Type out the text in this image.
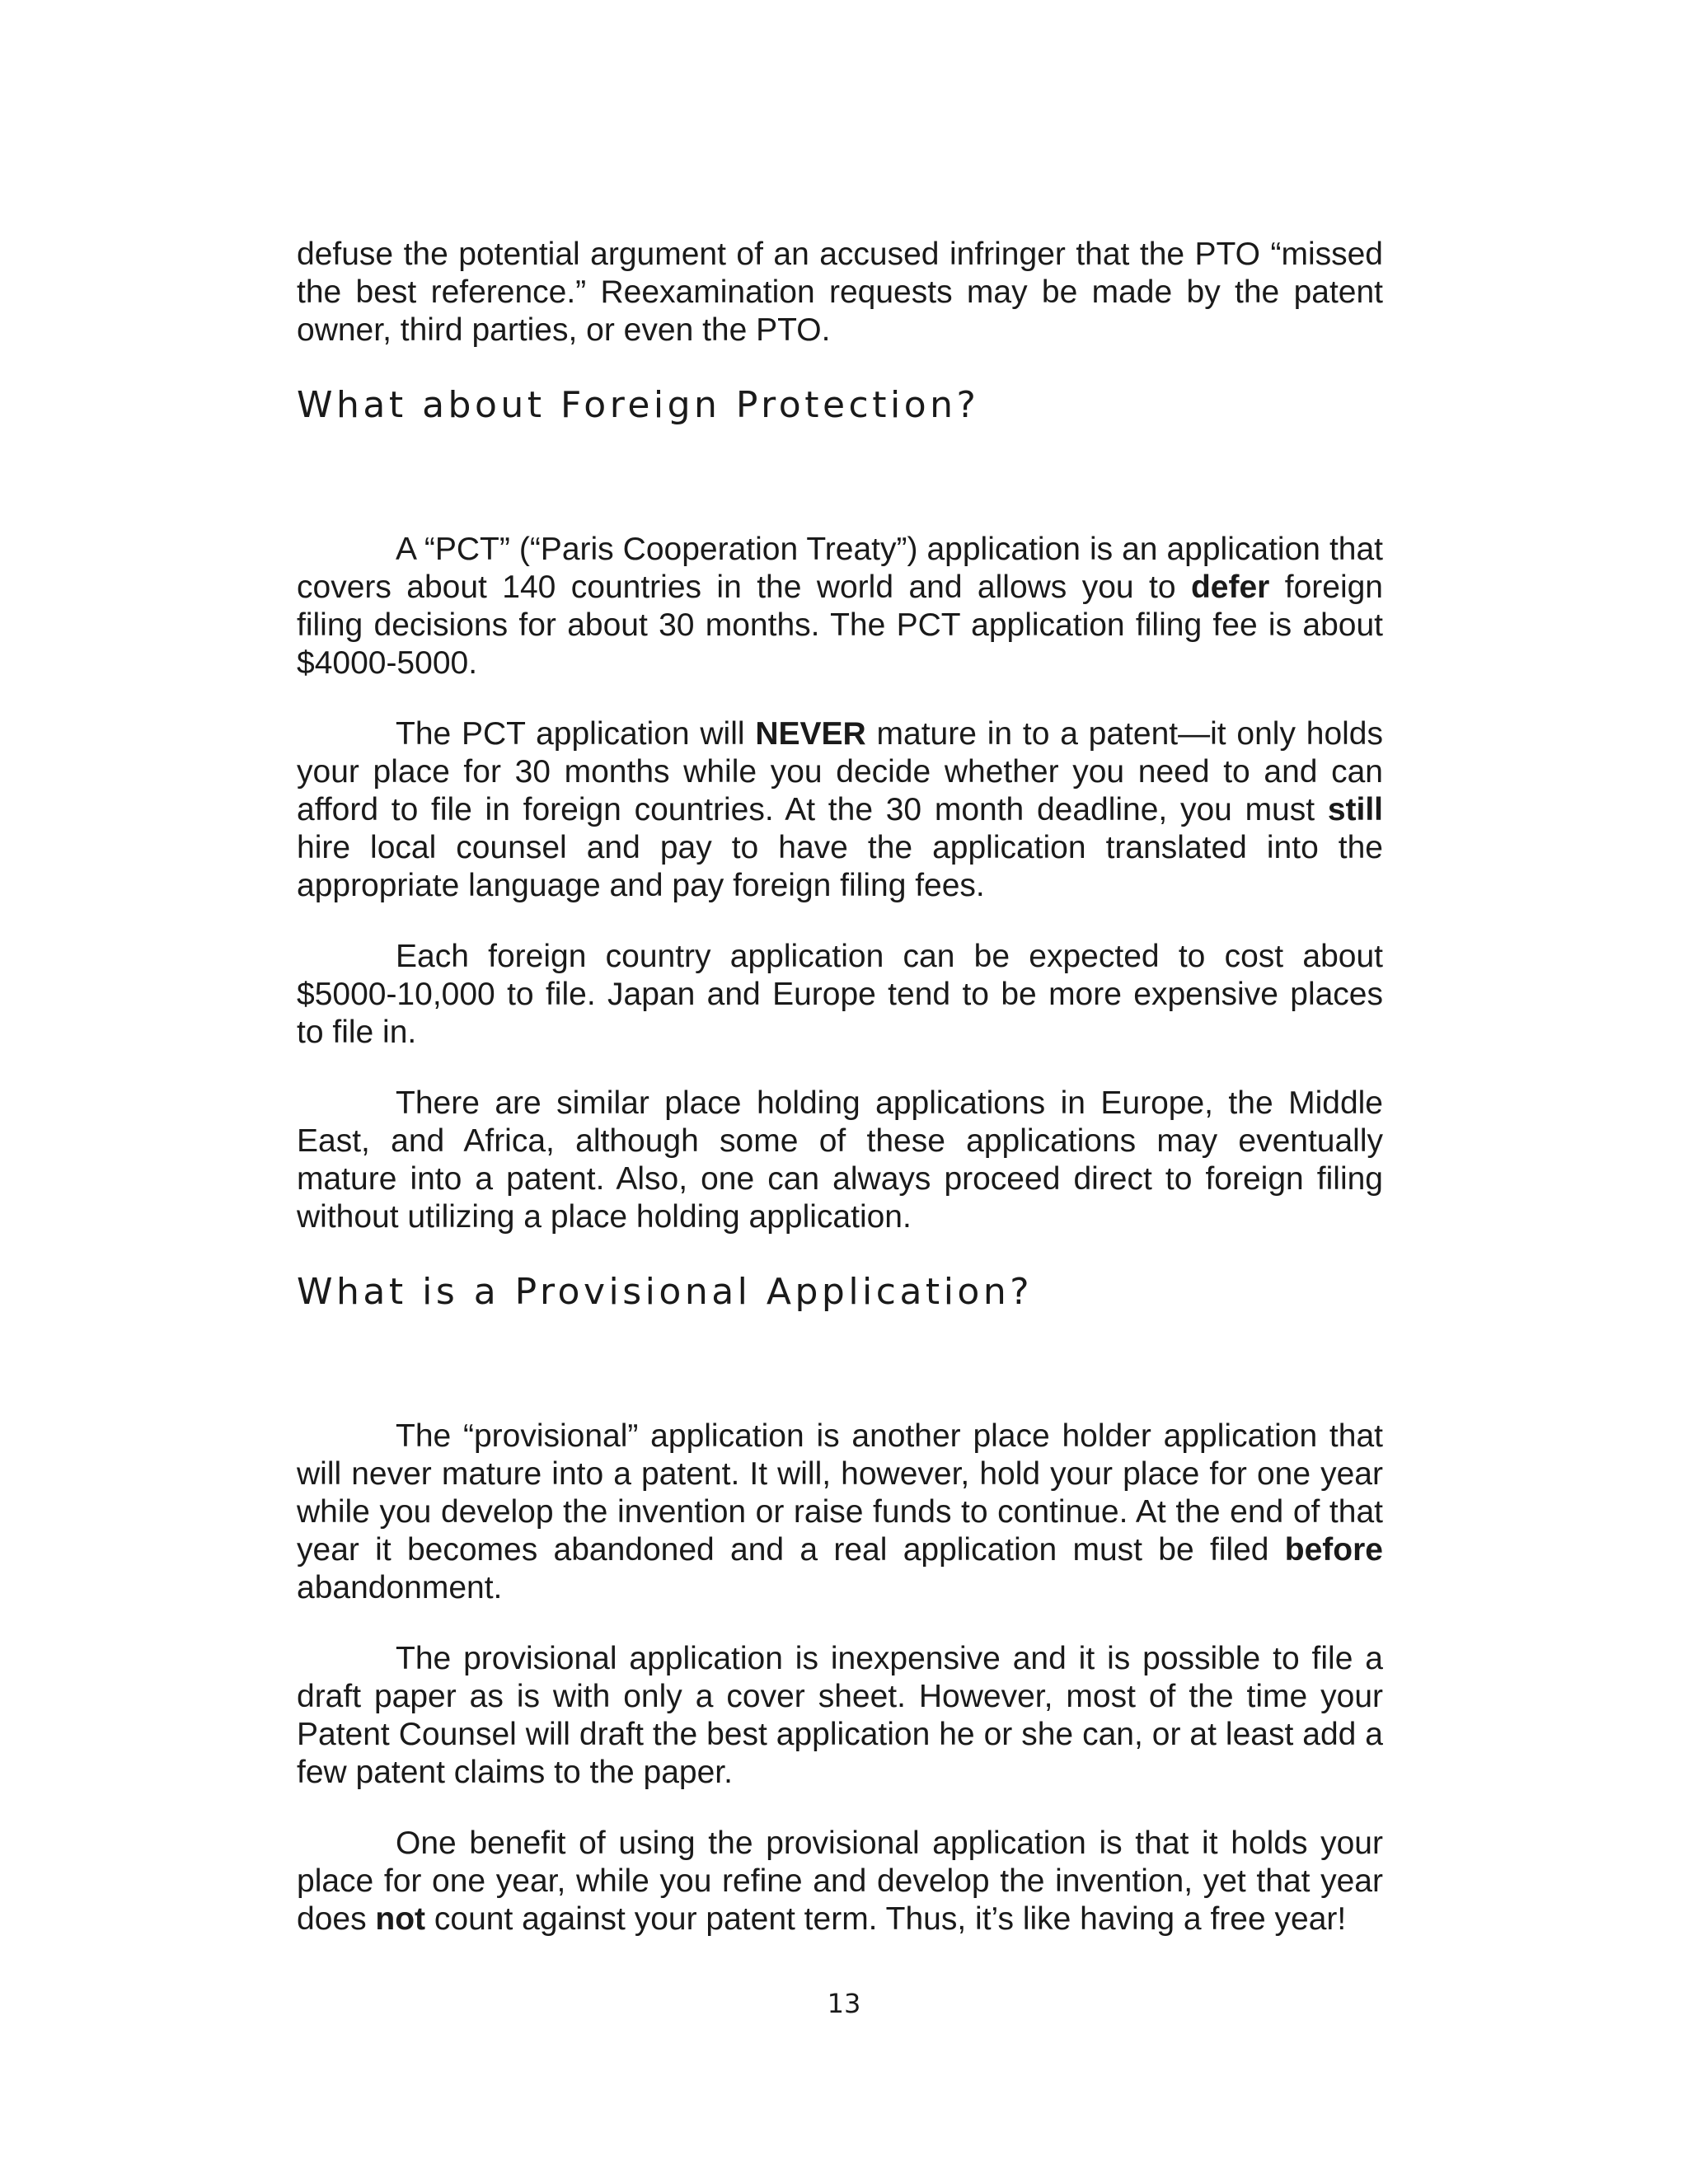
defuse the potential argument of an accused infringer that the PTO “missed the best reference.” Reexamination requests may be made by the patent owner, third parties, or even the PTO.

What about Foreign Protection?

A “PCT” (“Paris Cooperation Treaty”) application is an application that covers about 140 countries in the world and allows you to defer foreign filing decisions for about 30 months. The PCT application filing fee is about $4000-5000.

The PCT application will NEVER mature in to a patent—it only holds your place for 30 months while you decide whether you need to and can afford to file in foreign countries. At the 30 month deadline, you must still hire local counsel and pay to have the application translated into the appropriate language and pay foreign filing fees.

Each foreign country application can be expected to cost about $5000-10,000 to file. Japan and Europe tend to be more expensive places to file in.

There are similar place holding applications in Europe, the Middle East, and Africa, although some of these applications may eventually mature into a patent. Also, one can always proceed direct to foreign filing without utilizing a place holding application.

What is a Provisional Application?

The “provisional” application is another place holder application that will never mature into a patent. It will, however, hold your place for one year while you develop the invention or raise funds to continue. At the end of that year it becomes abandoned and a real application must be filed before abandonment.

The provisional application is inexpensive and it is possible to file a draft paper as is with only a cover sheet. However, most of the time your Patent Counsel will draft the best application he or she can, or at least add a few patent claims to the paper.

One benefit of using the provisional application is that it holds your place for one year, while you refine and develop the invention, yet that year does not count against your patent term. Thus, it’s like having a free year!

13
